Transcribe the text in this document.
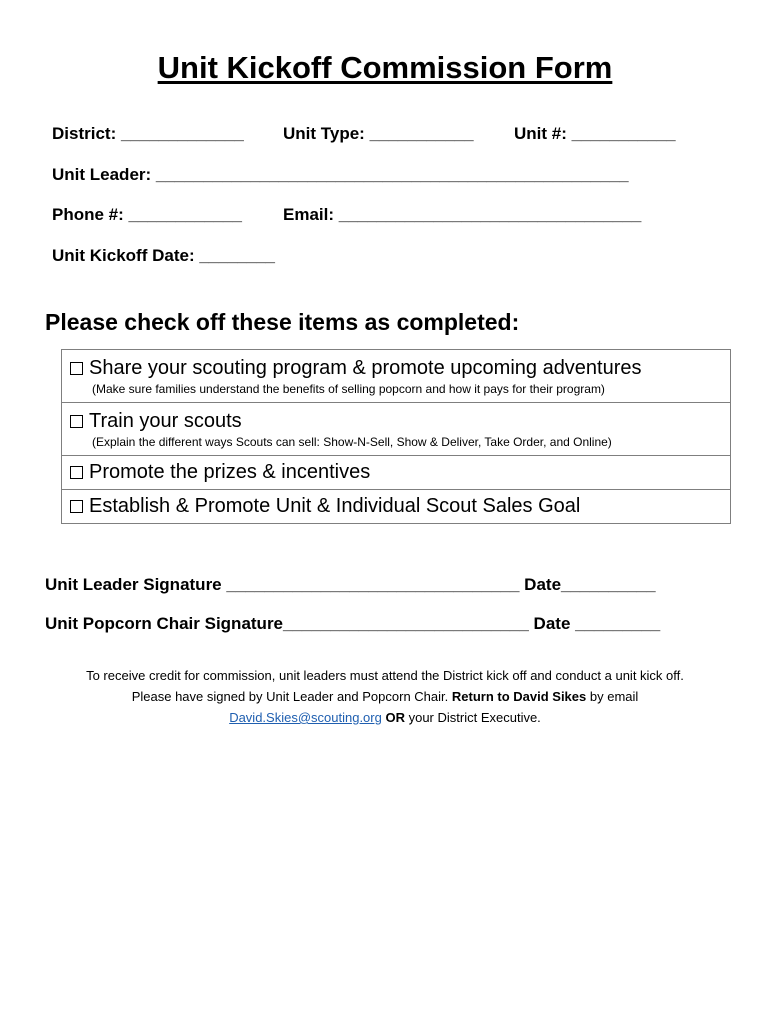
Unit Kickoff Commission Form
District: _____________ Unit Type: ___________ Unit #: ___________
Unit Leader: __________________________________________________
Phone #: ____________ Email: ________________________________
Unit Kickoff Date: ________
Please check off these items as completed:
Share your scouting program & promote upcoming adventures
(Make sure families understand the benefits of selling popcorn and how it pays for their program)
Train your scouts
(Explain the different ways Scouts can sell: Show-N-Sell, Show & Deliver, Take Order, and Online)
Promote the prizes & incentives
Establish & Promote Unit & Individual Scout Sales Goal
Unit Leader Signature _______________________________ Date__________
Unit Popcorn Chair Signature__________________________ Date _________
To receive credit for commission, unit leaders must attend the District kick off and conduct a unit kick off.
Please have signed by Unit Leader and Popcorn Chair. Return to David Sikes by email
David.Skies@scouting.org OR your District Executive.
